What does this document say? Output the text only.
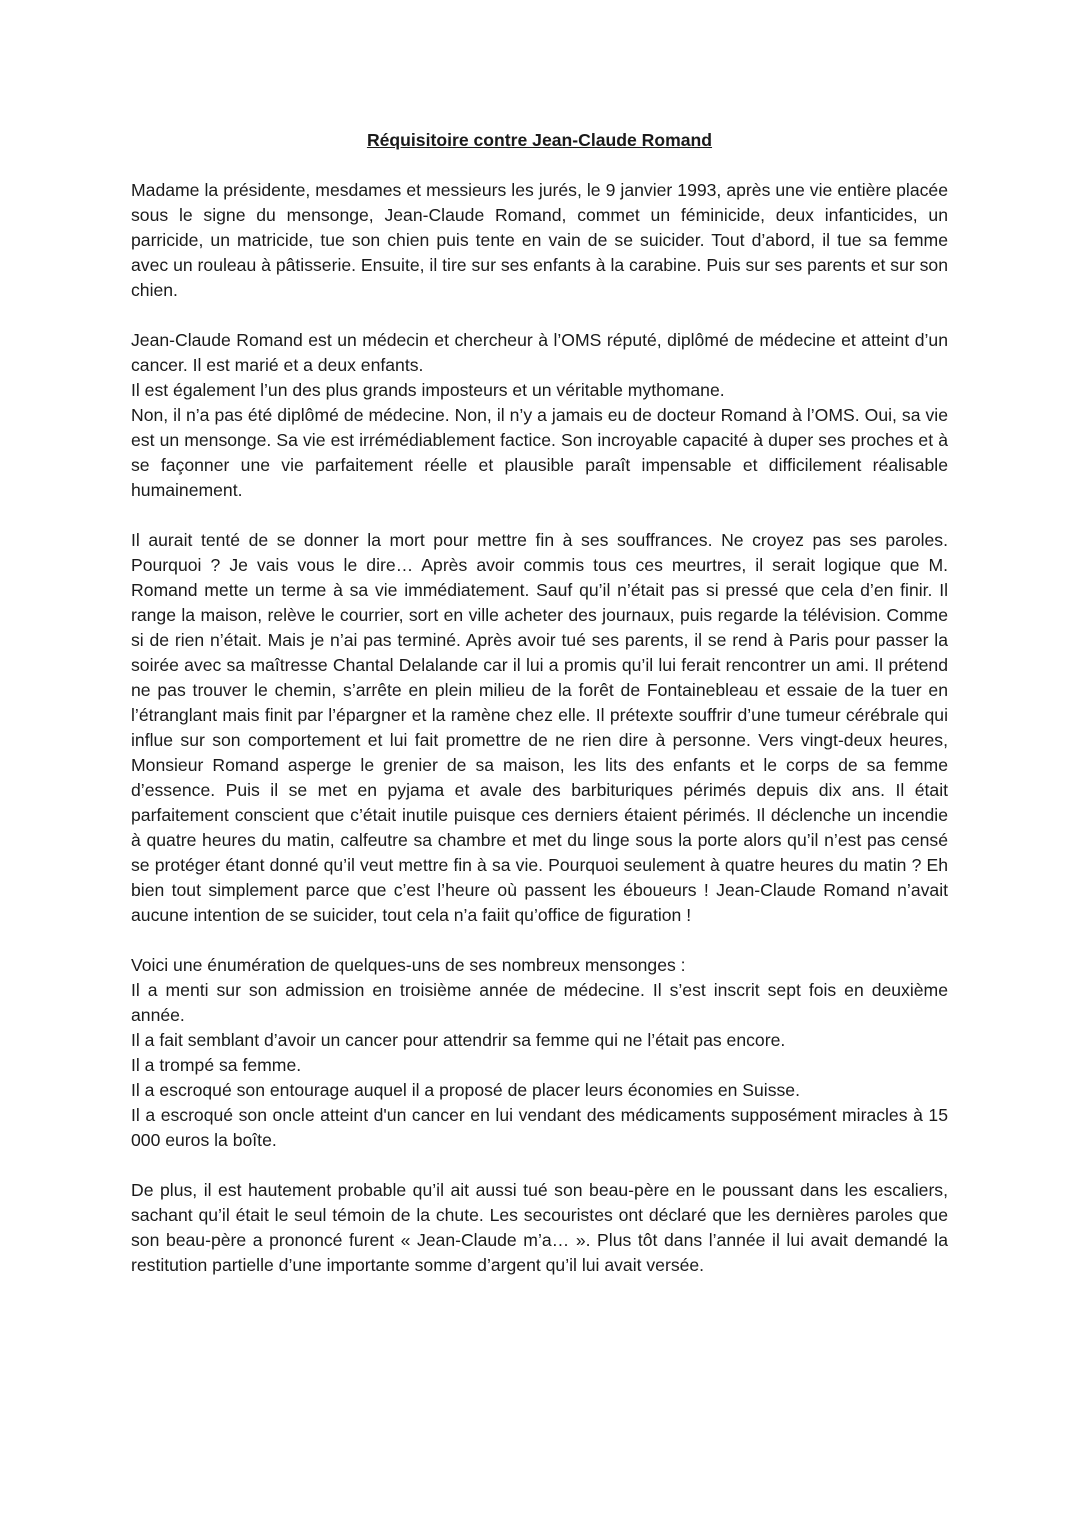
Réquisitoire contre Jean-Claude Romand

Madame la présidente, mesdames et messieurs les jurés, le 9 janvier 1993, après une vie entière placée sous le signe du mensonge, Jean-Claude Romand, commet un féminicide, deux infanticides, un parricide, un matricide, tue son chien puis tente en vain de se suicider. Tout d’abord, il tue sa femme avec un rouleau à pâtisserie. Ensuite, il tire sur ses enfants à la carabine. Puis sur ses parents et sur son chien.

Jean-Claude Romand est un médecin et chercheur à l’OMS réputé, diplômé de médecine et atteint d’un cancer. Il est marié et a deux enfants.

Il est également l’un des plus grands imposteurs et un véritable mythomane.

Non, il n’a pas été diplômé de médecine. Non, il n’y a jamais eu de docteur Romand à l’OMS. Oui, sa vie est un mensonge. Sa vie est irrémédiablement factice. Son incroyable capacité à duper ses proches et à se façonner une vie parfaitement réelle et plausible paraît impensable et difficilement réalisable humainement.

Il aurait tenté de se donner la mort pour mettre fin à ses souffrances. Ne croyez pas ses paroles. Pourquoi ? Je vais vous le dire… Après avoir commis tous ces meurtres, il serait logique que M. Romand mette un terme à sa vie immédiatement. Sauf qu’il n’était pas si pressé que cela d’en finir. Il range la maison, relève le courrier, sort en ville acheter des journaux, puis regarde la télévision. Comme si de rien n’était. Mais je n’ai pas terminé. Après avoir tué ses parents, il se rend à Paris pour passer la soirée avec sa maîtresse Chantal Delalande car il lui a promis qu’il lui ferait rencontrer un ami. Il prétend ne pas trouver le chemin, s’arrête en plein milieu de la forêt de Fontainebleau et essaie de la tuer en l’étranglant mais finit par l’épargner et la ramène chez elle. Il prétexte souffrir d’une tumeur cérébrale qui influe sur son comportement et lui fait promettre de ne rien dire à personne. Vers vingt-deux heures, Monsieur Romand asperge le grenier de sa maison, les lits des enfants et le corps de sa femme d’essence. Puis il se met en pyjama et avale des barbituriques périmés depuis dix ans. Il était parfaitement conscient que c’était inutile puisque ces derniers étaient périmés. Il déclenche un incendie à quatre heures du matin, calfeutre sa chambre et met du linge sous la porte alors qu’il n’est pas censé se protéger étant donné qu’il veut mettre fin à sa vie. Pourquoi seulement à quatre heures du matin ? Eh bien tout simplement parce que c’est l’heure où passent les éboueurs ! Jean-Claude Romand n’avait aucune intention de se suicider, tout cela n’a faiit qu’office de figuration !

Voici une énumération de quelques-uns de ses nombreux mensonges :

Il a menti sur son admission en troisième année de médecine. Il s’est inscrit sept fois en deuxième année.

Il a fait semblant d’avoir un cancer pour attendrir sa femme qui ne l’était pas encore.

Il a trompé sa femme.

Il a escroqué son entourage auquel il a proposé de placer leurs économies en Suisse.

Il a escroqué son oncle atteint d'un cancer en lui vendant des médicaments supposément miracles à 15 000 euros la boîte.

De plus, il est hautement probable qu’il ait aussi tué son beau-père en le poussant dans les escaliers, sachant qu’il était le seul témoin de la chute. Les secouristes ont déclaré que les dernières paroles que son beau-père a prononcé furent « Jean-Claude m’a… ». Plus tôt dans l’année il lui avait demandé la restitution partielle d’une importante somme d’argent qu’il lui avait versée.
